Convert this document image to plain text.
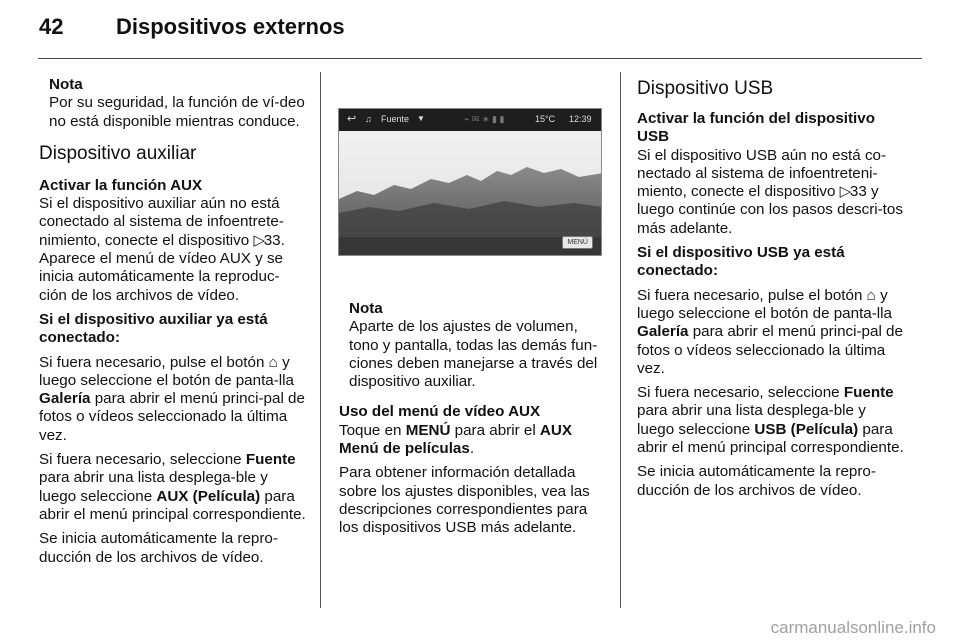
42 Dispositivos externos
Nota
Por su seguridad, la función de ví-deo no está disponible mientras conduce.
Dispositivo auxiliar
Activar la función AUX

Si el dispositivo auxiliar aún no está conectado al sistema de infoentrete-nimiento, conecte el dispositivo ▷ 33. Aparece el menú de vídeo AUX y se inicia automáticamente la reproduc-ción de los archivos de vídeo.

Si el dispositivo auxiliar ya está conectado:

Si fuera necesario, pulse el botón ⌂ y luego seleccione el botón de panta-lla Galería para abrir el menú princi-pal de fotos o vídeos seleccionado la última vez.

Si fuera necesario, seleccione Fuente para abrir una lista desplega-ble y luego seleccione AUX (Película) para abrir el menú principal correspondiente.

Se inicia automáticamente la repro-ducción de los archivos de vídeo.

↩ ♫ Fuente ▼	⌁ ✉ ∗ ▮ ▮	15°C 12:39
MENÚ
Nota
Aparte de los ajustes de volumen, tono y pantalla, todas las demás fun-ciones deben manejarse a través del dispositivo auxiliar.
Uso del menú de vídeo AUX

Toque en MENÚ para abrir el AUX Menú de películas.

Para obtener información detallada sobre los ajustes disponibles, vea las descripciones correspondientes para los dispositivos USB más adelante.

Dispositivo USB
Activar la función del dispositivo USB

Si el dispositivo USB aún no está co-nectado al sistema de infoentreteni-miento, conecte el dispositivo ▷ 33 y luego continúe con los pasos descri-tos más adelante.

Si el dispositivo USB ya está conectado:

Si fuera necesario, pulse el botón ⌂ y luego seleccione el botón de panta-lla Galería para abrir el menú princi-pal de fotos o vídeos seleccionado la última vez.

Si fuera necesario, seleccione Fuente para abrir una lista desplega-ble y luego seleccione USB (Película) para abrir el menú principal correspondiente.

Se inicia automáticamente la repro-ducción de los archivos de vídeo.

carmanualsonline.info
